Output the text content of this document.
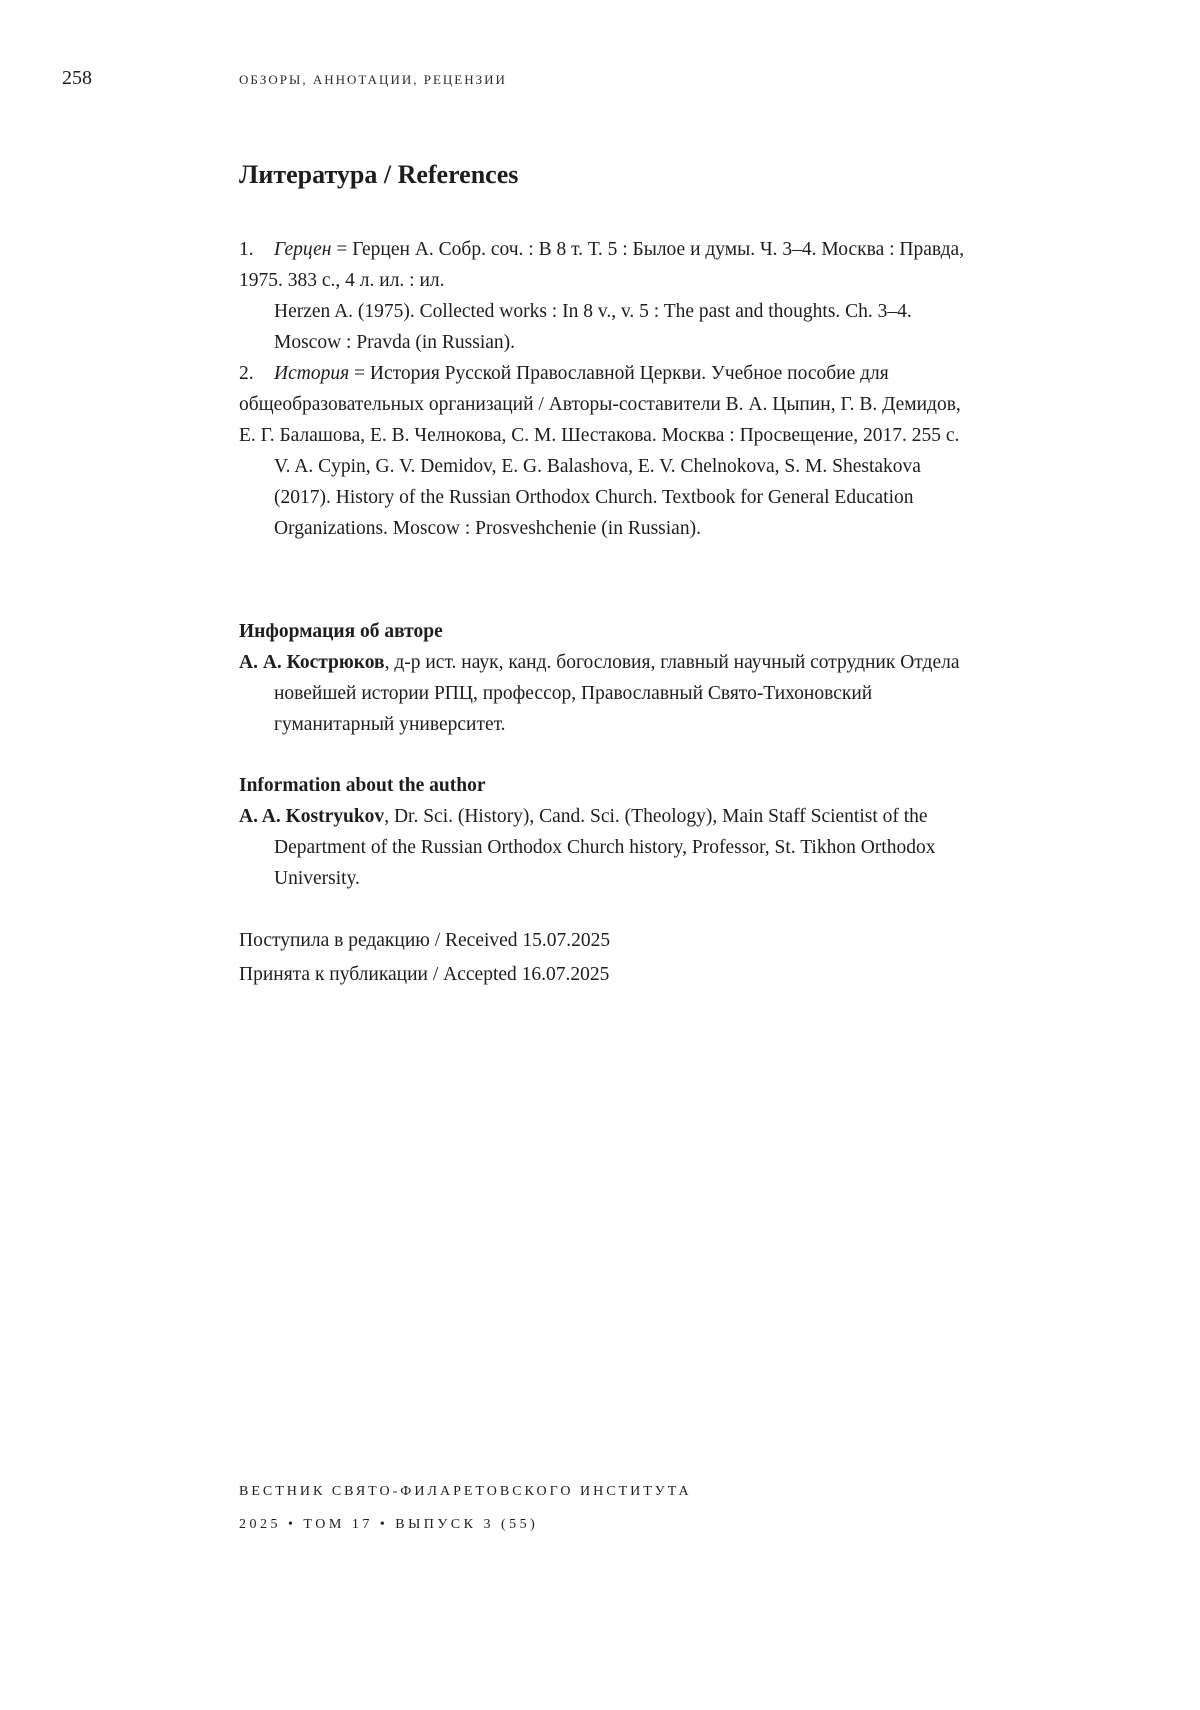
258	ОБЗОРЫ, АННОТАЦИИ, РЕЦЕНЗИИ
Литература / References

1. Герцен = Герцен А. Собр. соч. : В 8 т. Т. 5 : Былое и думы. Ч. 3–4. Москва : Правда, 1975. 383 с., 4 л. ил. : ил.

Herzen A. (1975). Collected works : In 8 v., v. 5 : The past and thoughts. Ch. 3–4. Moscow : Pravda (in Russian).

2. История = История Русской Православной Церкви. Учебное пособие для общеобразовательных организаций / Авторы-составители В. А. Цыпин, Г. В. Демидов, Е. Г. Балашова, Е. В. Челнокова, С. М. Шестакова. Москва : Просвещение, 2017. 255 с.

V. A. Cypin, G. V. Demidov, E. G. Balashova, E. V. Chelnokova, S. M. Shestakova (2017). History of the Russian Orthodox Church. Textbook for General Education Organizations. Moscow : Prosveshchenie (in Russian).

Информация об авторе

А. А. Кострюков, д-р ист. наук, канд. богословия, главный научный сотрудник Отдела новейшей истории РПЦ, профессор, Православный Свято-Тихоновский гуманитарный университет.

Information about the author

A. A. Kostryukov, Dr. Sci. (History), Cand. Sci. (Theology), Main Staff Scientist of the Department of the Russian Orthodox Church history, Professor, St. Tikhon Orthodox University.

Поступила в редакцию / Received 15.07.2025

Принята к публикации / Accepted 16.07.2025

ВЕСТНИК СВЯТО-ФИЛАРЕТОВСКОГО ИНСТИТУТА
2025 • ТОМ 17 • ВЫПУСК 3 (55)
